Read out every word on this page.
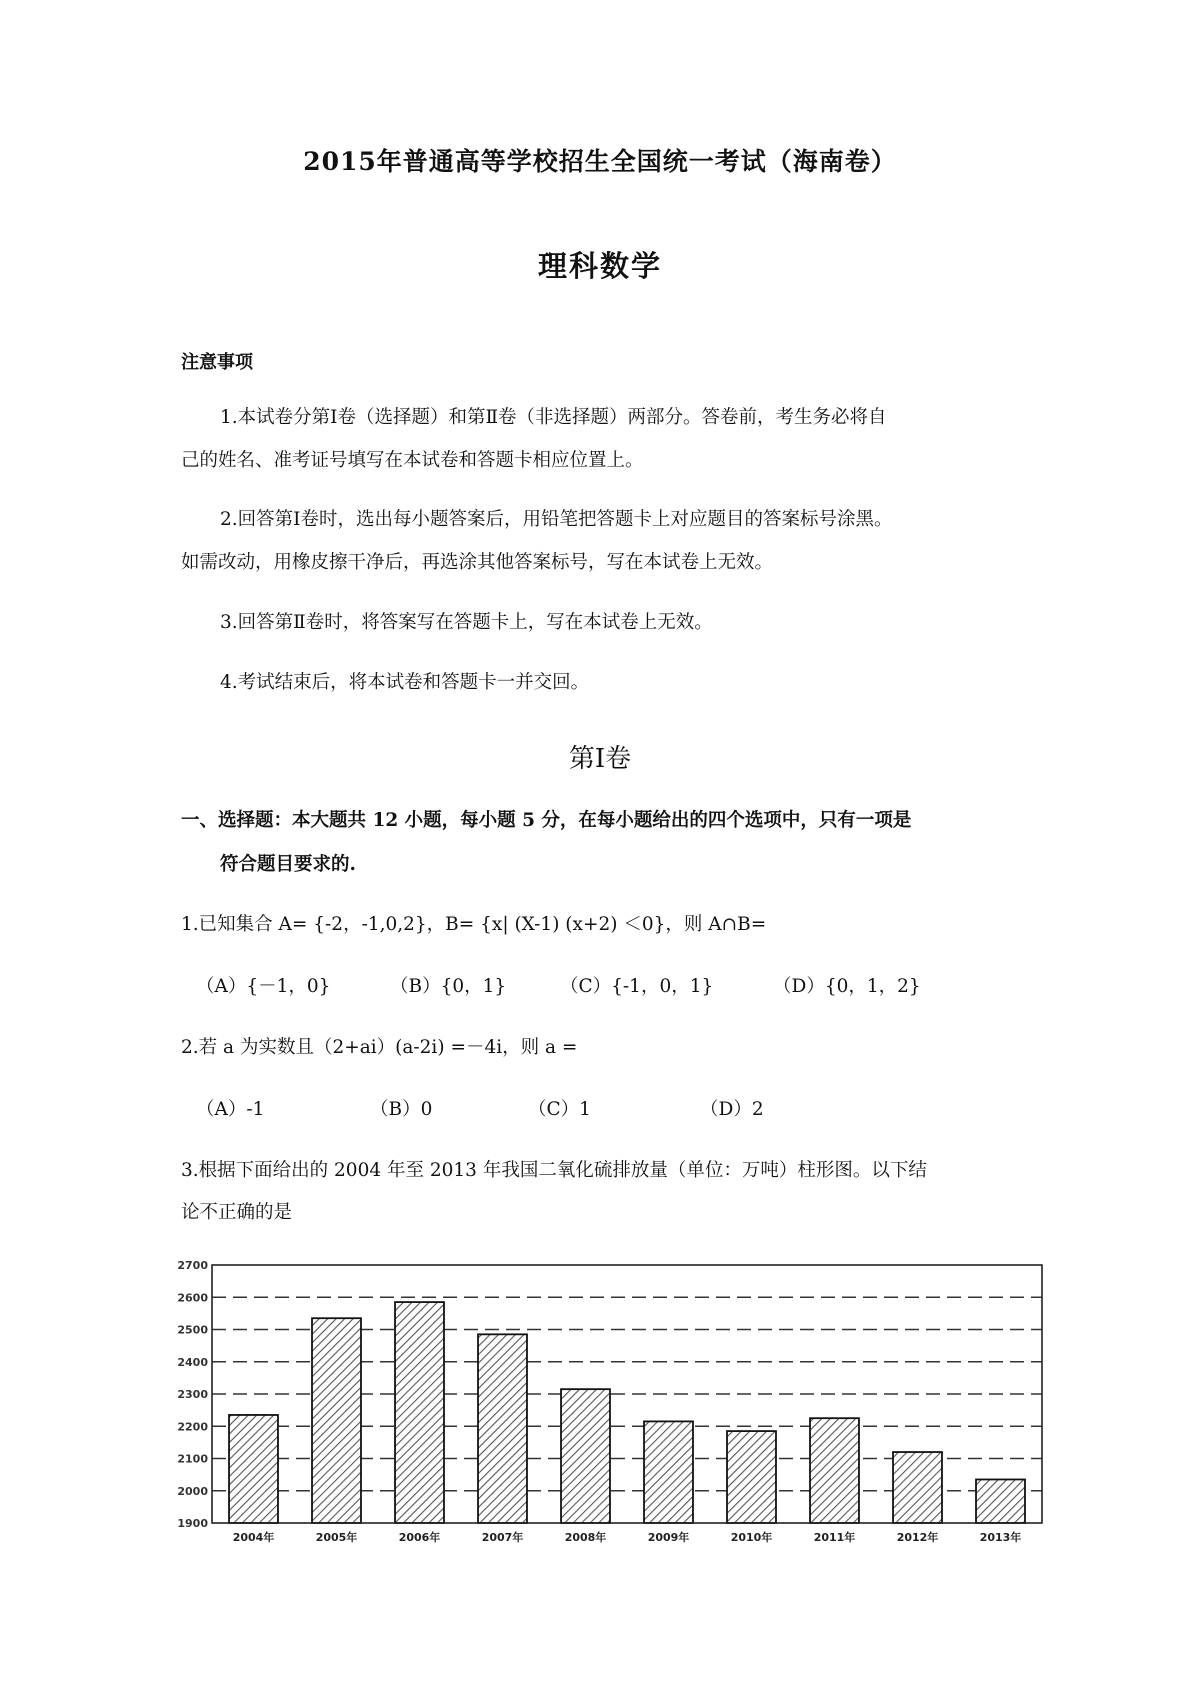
2015年普通高等学校招生全国统一考试（海南卷）
理科数学
注意事项
1.本试卷分第Ⅰ卷（选择题）和第Ⅱ卷（非选择题）两部分。答卷前，考生务必将自
己的姓名、准考证号填写在本试卷和答题卡相应位置上。
2.回答第Ⅰ卷时，选出每小题答案后，用铅笔把答题卡上对应题目的答案标号涂黑。
如需改动，用橡皮擦干净后，再选涂其他答案标号，写在本试卷上无效。
3.回答第Ⅱ卷时，将答案写在答题卡上，写在本试卷上无效。
4.考试结束后，将本试卷和答题卡一并交回。
第Ⅰ卷
一、选择题：本大题共 12 小题，每小题 5 分，在每小题给出的四个选项中，只有一项是
符合题目要求的.
1.已知集合 A= {-2，-1,0,2}，B= {x| (X-1) (x+2) ＜0}，则 A∩B=
（A）{－1，0}	（B）{0，1}	（C）{-1，0，1}	（D）{0，1，2}
2.若 a 为实数且（2+ai）(a-2i) =－4i，则 a =
（A）-1	（B）0	（C）1	（D）2
3.根据下面给出的 2004 年至 2013 年我国二氧化硫排放量（单位：万吨）柱形图。以下结
论不正确的是
1900
2000
2100
2200
2300
2400
2500
2600
2700
2004年	2005年	2006年	2007年	2008年	2009年	2010年	2011年	2012年	2013年
